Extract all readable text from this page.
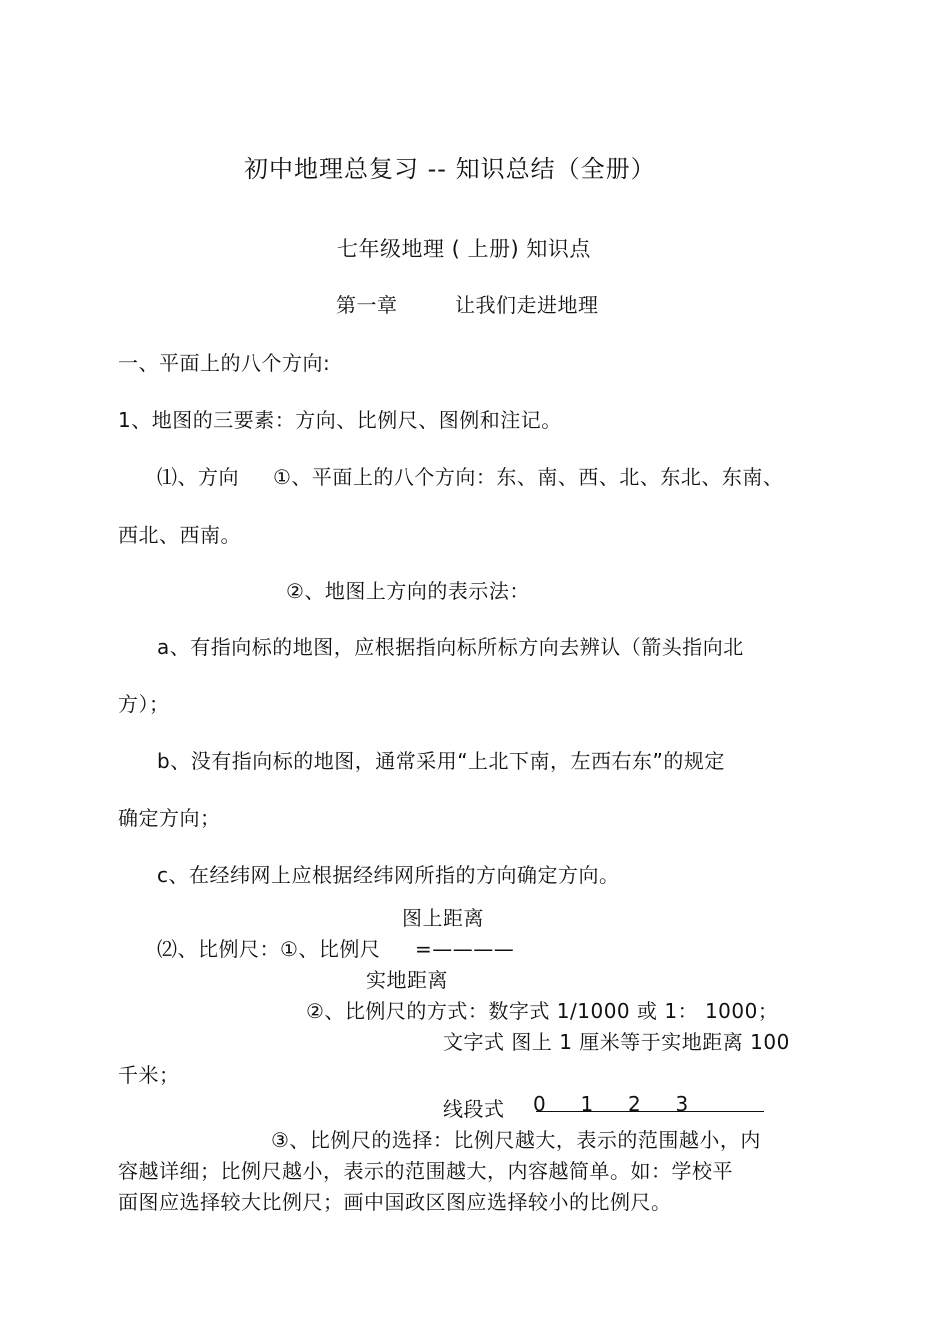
初中地理总复习 -- 知识总结（全册）
七年级地理 ( 上册) 知识点
第一章	让我们走进地理
一、平面上的八个方向:
1、地图的三要素：方向、比例尺、图例和注记。
⑴、方向 ①、平面上的八个方向：东、南、西、北、东北、东南、
西北、西南。
②、地图上方向的表示法：
a、有指向标的地图，应根据指向标所标方向去辨认（箭头指向北
方）；
b、没有指向标的地图，通常采用“上北下南，左西右东”的规定
确定方向；
c、在经纬网上应根据经纬网所指的方向确定方向。
图上距离
⑵、比例尺：①、比例尺 =————
实地距离
②、比例尺的方式：数字式 1/1000 或 1： 1000；
文字式 图上 1 厘米等于实地距离 100
千米；
线段式 0     1     2     3
③、比例尺的选择：比例尺越大，表示的范围越小，内
容越详细；比例尺越小，表示的范围越大，内容越简单。如：学校平
面图应选择较大比例尺；画中国政区图应选择较小的比例尺。
